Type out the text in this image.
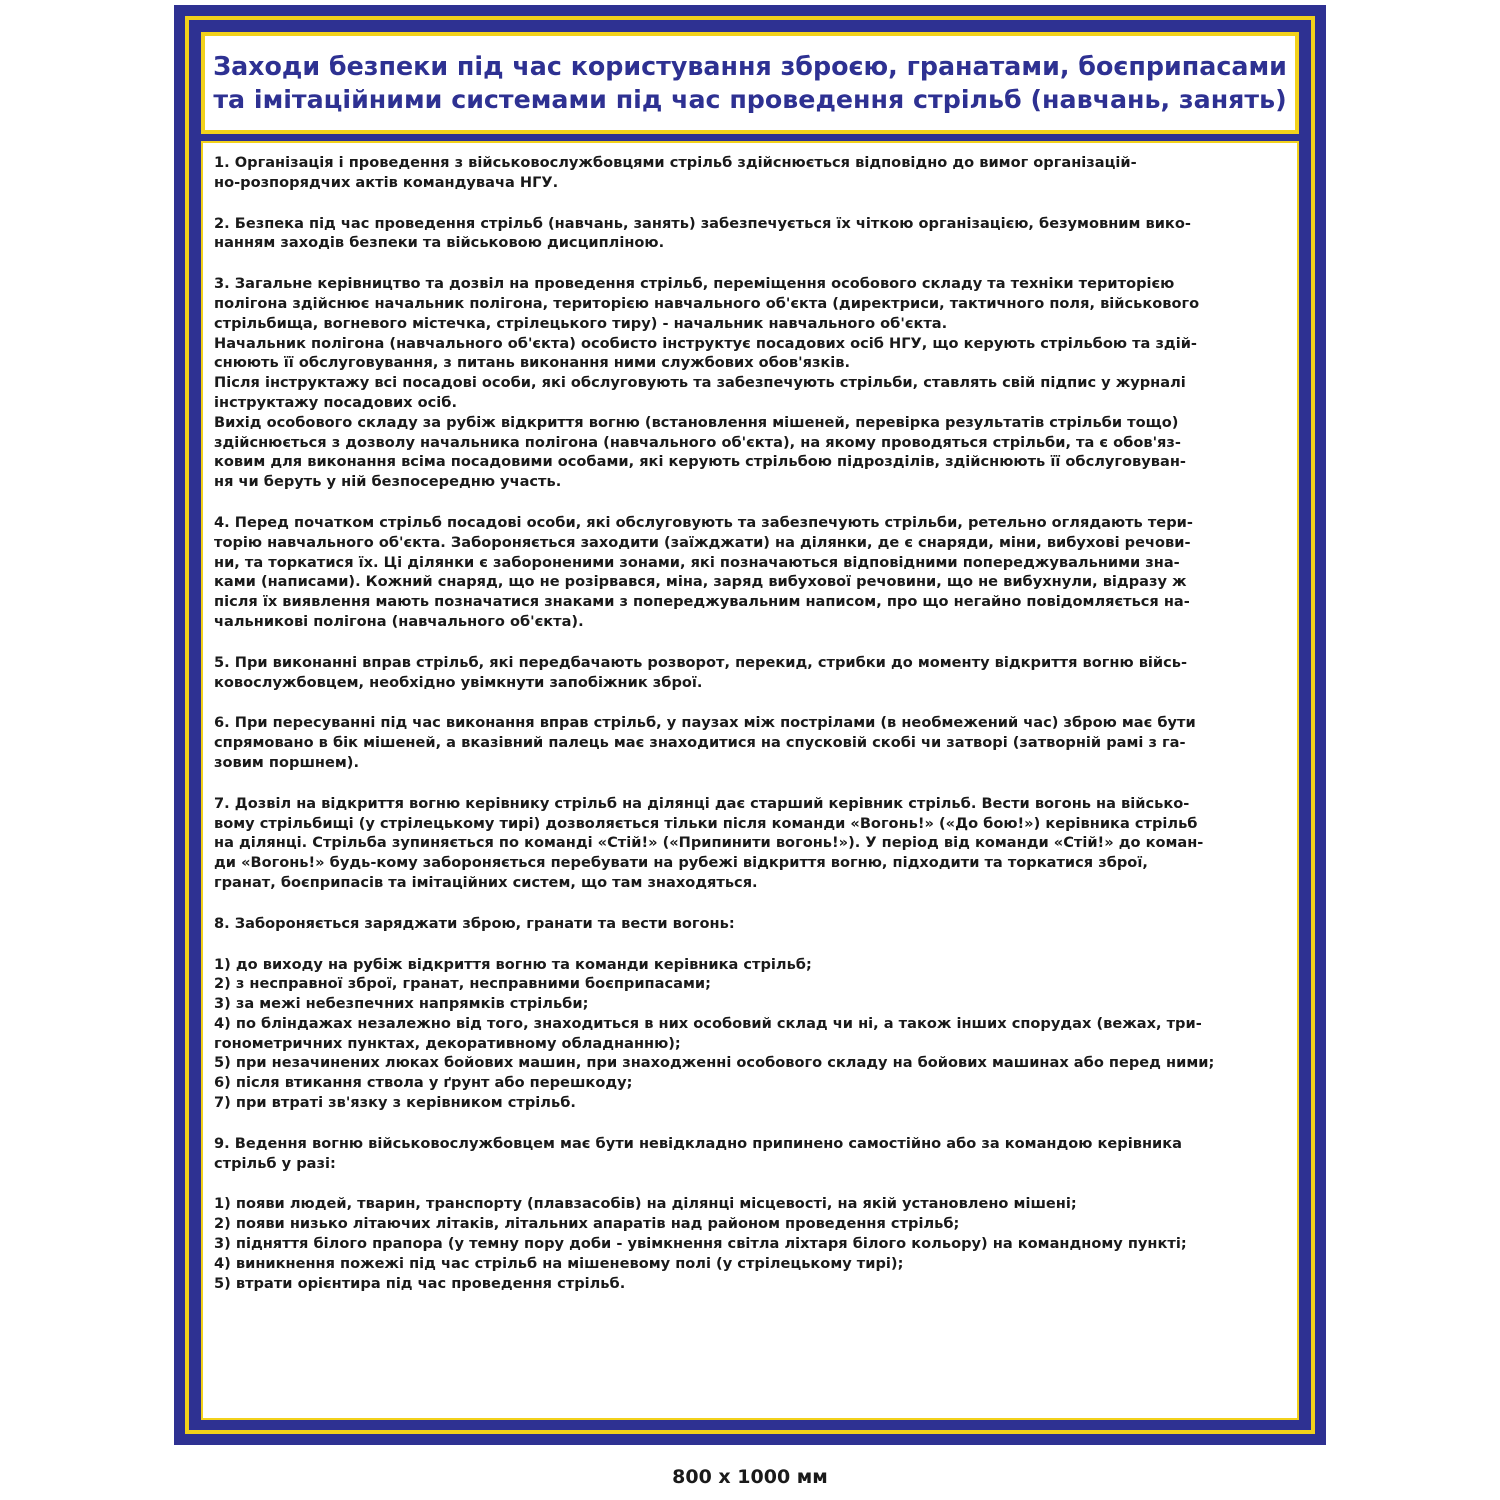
Заходи безпеки під час користування зброєю, гранатами, боєприпасами
та імітаційними системами під час проведення стрільб (навчань, занять)
1. Організація і проведення з військовослужбовцями стрільб здійснюється відповідно до вимог організацій-
но-розпорядчих актів командувача НГУ.
2. Безпека під час проведення стрільб (навчань, занять) забезпечується їх чіткою організацією, безумовним вико-
нанням заходів безпеки та військовою дисципліною.
3. Загальне керівництво та дозвіл на проведення стрільб, переміщення особового складу та техніки територією
полігона здійснює начальник полігона, територією навчального об'єкта (директриси, тактичного поля, військового
стрільбища, вогневого містечка, стрілецького тиру) - начальник навчального об'єкта.
Начальник полігона (навчального об'єкта) особисто інструктує посадових осіб НГУ, що керують стрільбою та здій-
снюють її обслуговування, з питань виконання ними службових обов'язків.
Після інструктажу всі посадові особи, які обслуговують та забезпечують стрільби, ставлять свій підпис у журналі
інструктажу посадових осіб.
Вихід особового складу за рубіж відкриття вогню (встановлення мішеней, перевірка результатів стрільби тощо)
здійснюється з дозволу начальника полігона (навчального об'єкта), на якому проводяться стрільби, та є обов'яз-
ковим для виконання всіма посадовими особами, які керують стрільбою підрозділів, здійснюють її обслуговуван-
ня чи беруть у ній безпосередню участь.
4. Перед початком стрільб посадові особи, які обслуговують та забезпечують стрільби, ретельно оглядають тери-
торію навчального об'єкта. Забороняється заходити (заїжджати) на ділянки, де є снаряди, міни, вибухові речови-
ни, та торкатися їх. Ці ділянки є забороненими зонами, які позначаються відповідними попереджувальними зна-
ками (написами). Кожний снаряд, що не розірвався, міна, заряд вибухової речовини, що не вибухнули, відразу ж
після їх виявлення мають позначатися знаками з попереджувальним написом, про що негайно повідомляється на-
чальникові полігона (навчального об'єкта).
5. При виконанні вправ стрільб, які передбачають розворот, перекид, стрибки до моменту відкриття вогню війсь-
ковослужбовцем, необхідно увімкнути запобіжник зброї.
6. При пересуванні під час виконання вправ стрільб, у паузах між пострілами (в необмежений час) зброю має бути
спрямовано в бік мішеней, а вказівний палець має знаходитися на спусковій скобі чи затворі (затворній рамі з га-
зовим поршнем).
7. Дозвіл на відкриття вогню керівнику стрільб на ділянці дає старший керівник стрільб. Вести вогонь на військо-
вому стрільбищі (у стрілецькому тирі) дозволяється тільки після команди «Вогонь!» («До бою!») керівника стрільб
на ділянці. Стрільба зупиняється по команді «Стій!» («Припинити вогонь!»). У період від команди «Стій!» до коман-
ди «Вогонь!» будь-кому забороняється перебувати на рубежі відкриття вогню, підходити та торкатися зброї,
гранат, боєприпасів та імітаційних систем, що там знаходяться.
8. Забороняється заряджати зброю, гранати та вести вогонь:
1) до виходу на рубіж відкриття вогню та команди керівника стрільб;
2) з несправної зброї, гранат, несправними боєприпасами;
3) за межі небезпечних напрямків стрільби;
4) по бліндажах незалежно від того, знаходиться в них особовий склад чи ні, а також інших спорудах (вежах, три-
гонометричних пунктах, декоративному обладнанню);
5) при незачинених люках бойових машин, при знаходженні особового складу на бойових машинах або перед ними;
6) після втикання ствола у ґрунт або перешкоду;
7) при втраті зв'язку з керівником стрільб.
9. Ведення вогню військовослужбовцем має бути невідкладно припинено самостійно або за командою керівника
стрільб у разі:
1) появи людей, тварин, транспорту (плавзасобів) на ділянці місцевості, на якій установлено мішені;
2) появи низько літаючих літаків, літальних апаратів над районом проведення стрільб;
3) підняття білого прапора (у темну пору доби - увімкнення світла ліхтаря білого кольору) на командному пункті;
4) виникнення пожежі під час стрільб на мішеневому полі (у стрілецькому тирі);
5) втрати орієнтира під час проведення стрільб.
800 х 1000 мм
